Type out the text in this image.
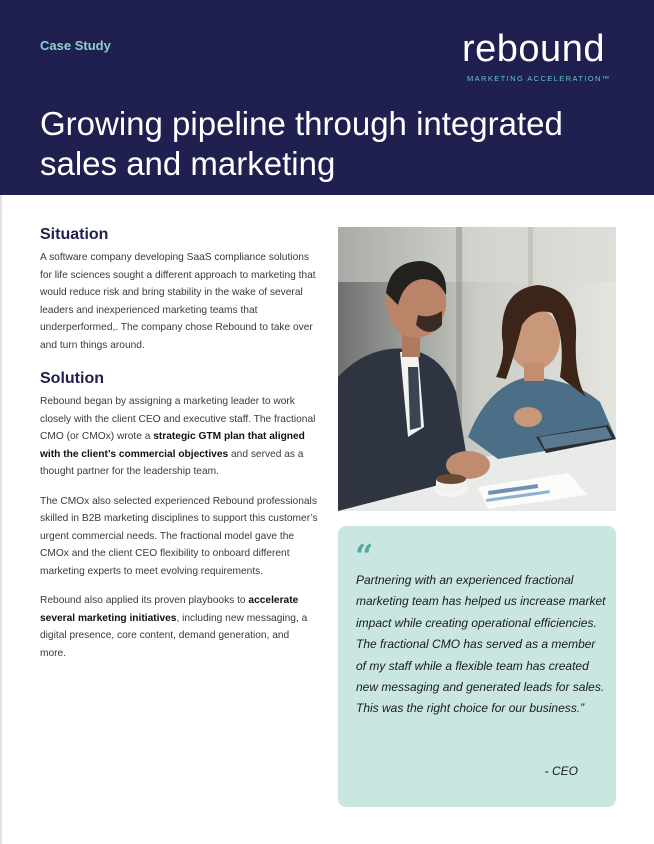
Case Study	rebound
MARKETING ACCELERATION™
Growing pipeline through integrated sales and marketing
Situation

A software company developing SaaS compliance solutions for life sciences sought a different approach to marketing that would reduce risk and bring stability in the wake of several leaders and inexperienced marketing teams that underperformed,. The company chose Rebound to take over and turn things around.

Solution

Rebound began by assigning a marketing leader to work closely with the client CEO and executive staff. The fractional CMO (or CMOx) wrote a strategic GTM plan that aligned with the client’s commercial objectives and served as a thought partner for the leadership team.

The CMOx also selected experienced Rebound professionals skilled in B2B marketing disciplines to support this customer’s urgent commercial needs. The fractional model gave the CMOx and the client CEO flexibility to onboard different marketing experts to meet evolving requirements.

Rebound also applied its proven playbooks to accelerate several marketing initiatives, including new messaging, a digital presence, core content, demand generation, and more.

“

Partnering with an experienced fractional marketing team has helped us increase market impact while creating operational efficiencies. The fractional CMO has served as a member of my staff while a flexible team has created new messaging and generated leads for sales. This was the right choice for our business.”

- CEO
